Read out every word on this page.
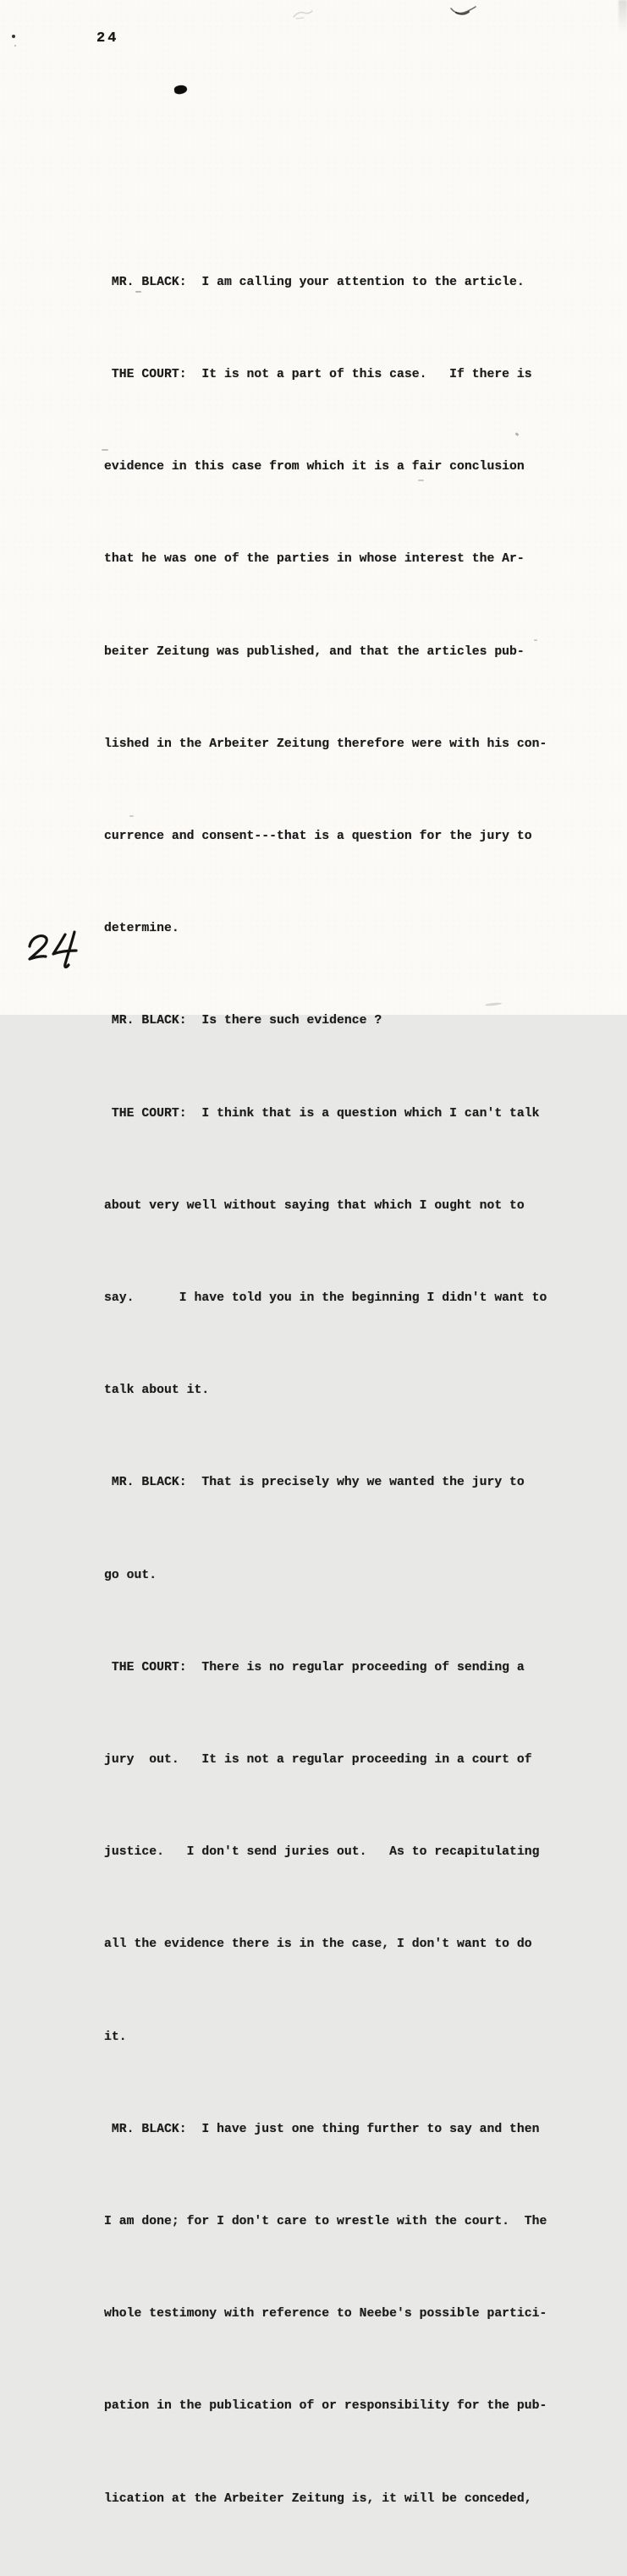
24

MR. BLACK:  I am calling your attention to the article.

THE COURT:  It is not a part of this case.   If there is

evidence in this case from which it is a fair conclusion

that he was one of the parties in whose interest the Ar-

beiter Zeitung was published, and that the articles pub-

lished in the Arbeiter Zeitung therefore were with his con-

currence and consent---that is a question for the jury to

determine.

MR. BLACK:  Is there such evidence ?

THE COURT:  I think that is a question which I can't talk

about very well without saying that which I ought not to

say.      I have told you in the beginning I didn't want to

talk about it.

MR. BLACK:  That is precisely why we wanted the jury to

go out.

THE COURT:  There is no regular proceeding of sending a

jury  out.   It is not a regular proceeding in a court of

justice.   I don't send juries out.   As to recapitulating

all the evidence there is in the case, I don't want to do

it.

MR. BLACK:  I have just one thing further to say and then

I am done; for I don't care to wrestle with the court.  The

whole testimony with reference to Neebe's possible partici-

pation in the publication of or responsibility for the pub-

lication at the Arbeiter Zeitung is, it will be conceded,
